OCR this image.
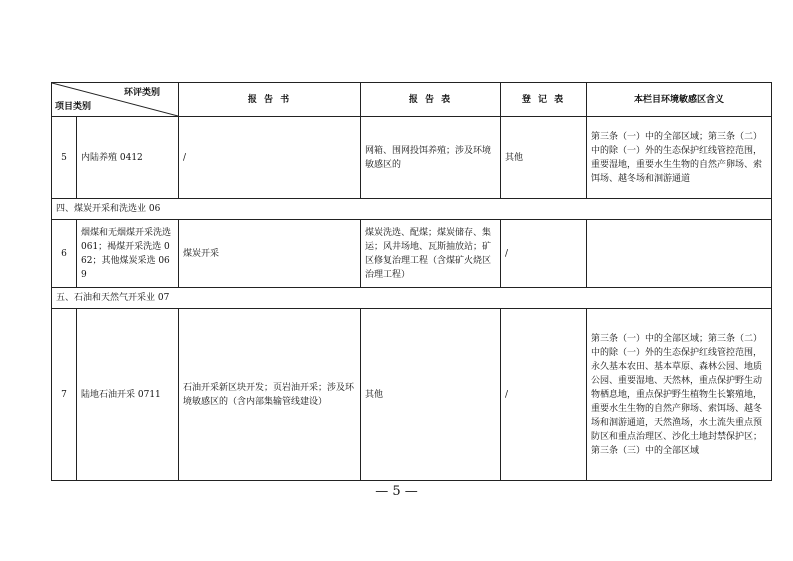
环评类别
项目类别		报 告 书	报 告 表	登 记 表	本栏目环境敏感区含义
5	内陆养殖 0412	/	网箱、围网投饵养殖；涉及环境敏感区的	其他	第三条（一）中的全部区域；第三条（二）中的除（一）外的生态保护红线管控范围，重要湿地，重要水生生物的自然产卵场、索饵场、越冬场和洄游通道
四、煤炭开采和洗选业 06					
6	烟煤和无烟煤开采洗选 061；褐煤开采洗选 062；其他煤炭采选 069	煤炭开采	煤炭洗选、配煤；煤炭储存、集运；风井场地、瓦斯抽放站；矿区修复治理工程（含煤矿火烧区治理工程）	/	
五、石油和天然气开采业 07					
7	陆地石油开采 0711	石油开采新区块开发；页岩油开采；涉及环境敏感区的（含内部集输管线建设）	其他	/	第三条（一）中的全部区域；第三条（二）中的除（一）外的生态保护红线管控范围，永久基本农田、基本草原、森林公园、地质公园、重要湿地、天然林，重点保护野生动物栖息地，重点保护野生植物生长繁殖地，重要水生生物的自然产卵场、索饵场、越冬场和洄游通道，天然渔场，水土流失重点预防区和重点治理区、沙化土地封禁保护区；第三条（三）中的全部区域
— 5 —
